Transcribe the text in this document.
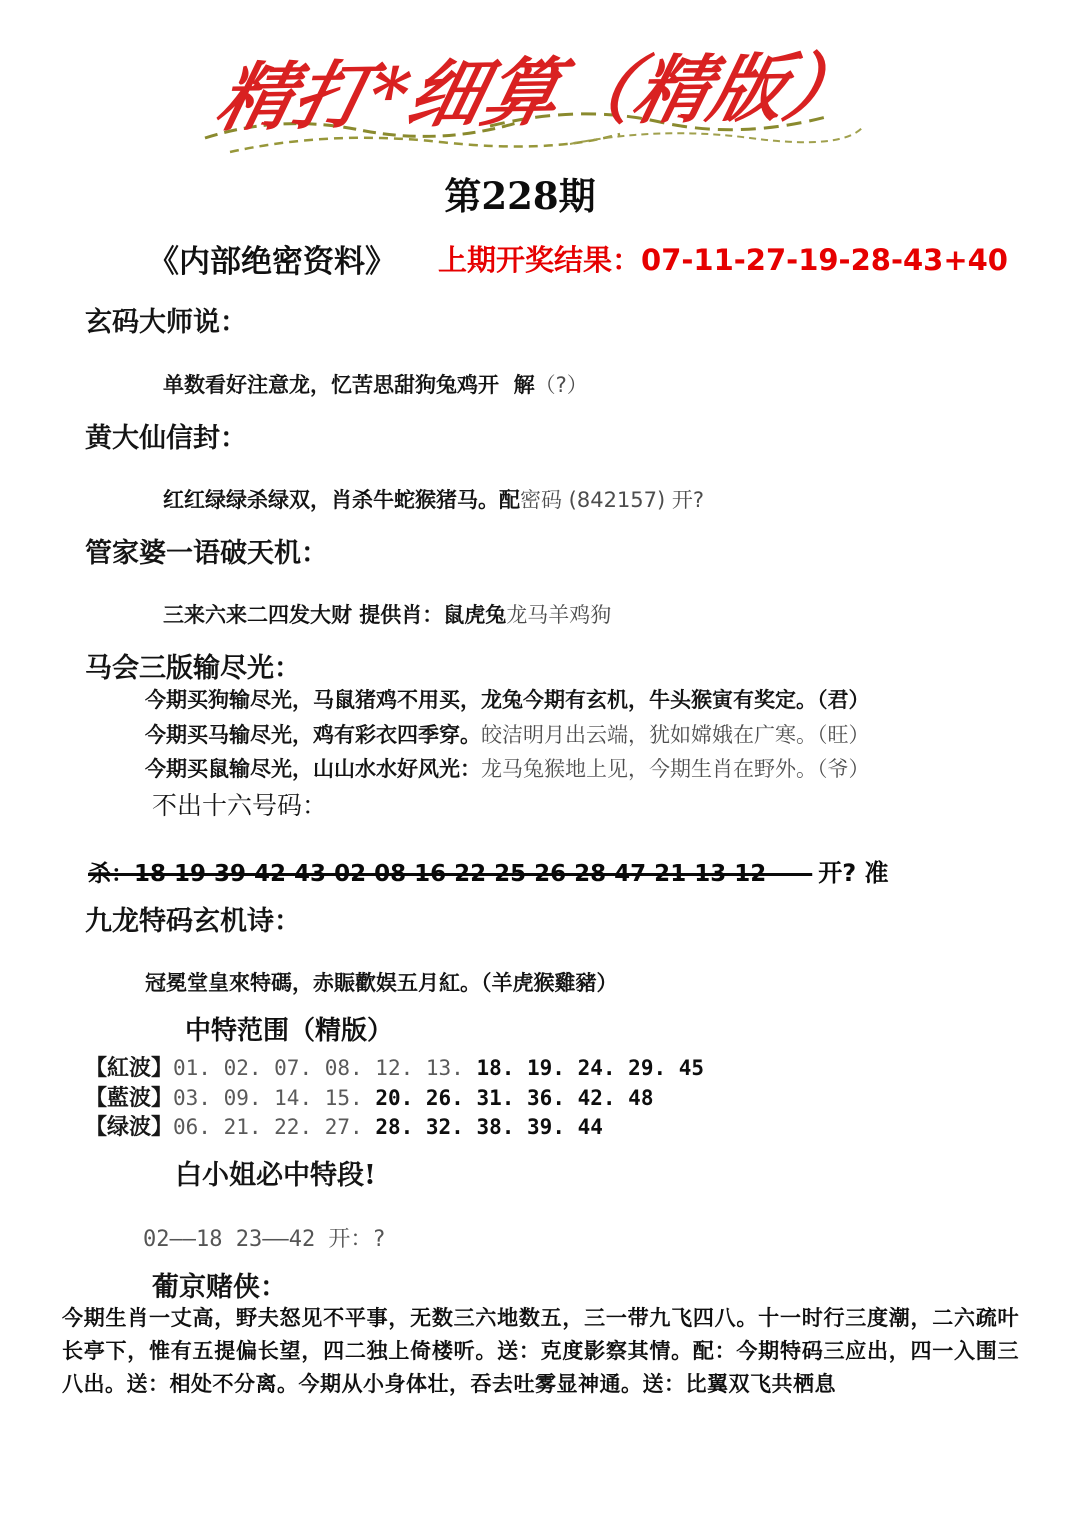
精打*细算（精版）
第228期
《内部绝密资料》 上期开奖结果：07-11-27-19-28-43+40
玄码大师说：
单数看好注意龙，忆苦思甜狗兔鸡开  解（?）
黄大仙信封：
红红绿绿杀绿双，肖杀牛蛇猴猪马。配密码 (842157) 开?
管家婆一语破天机：
三来六来二四发大财 提供肖：鼠虎兔龙马羊鸡狗
马会三版输尽光：
今期买狗输尽光，马鼠猪鸡不用买，龙兔今期有玄机，牛头猴寅有奖定。（君）
今期买马输尽光，鸡有彩衣四季穿。皎洁明月出云端，犹如嫦娥在广寒。（旺）
今期买鼠输尽光，山山水水好风光：龙马兔猴地上见，今期生肖在野外。（爷）
不出十六号码：
杀：18 19 39 42 43 02 08 16 22 25 26 28 47 21 13 12—— 开? 准
九龙特码玄机诗：
冠冕堂皇來特碼，赤賑歡娱五月紅。（羊虎猴雞豬）
中特范围（精版）
【紅波】01. 02. 07. 08. 12. 13. 18. 19. 24. 29. 45
【藍波】03. 09. 14. 15. 20. 26. 31. 36. 42. 48
【绿波】06. 21. 22. 27. 28. 32. 38. 39. 44
白小姐必中特段!
02——18 23——42 开：?
葡京赌侠：
今期生肖一丈高，野夫怒见不平事，无数三六地数五，三一带九飞四八。十一时行三度潮，二六疏叶长亭下，惟有五提偏长望，四二独上倚楼听。送：克度影察其情。配：今期特码三应出，四一入围三八出。送：相处不分离。今期从小身体壮，吞去吐雾显神通。送：比翼双飞共栖息
